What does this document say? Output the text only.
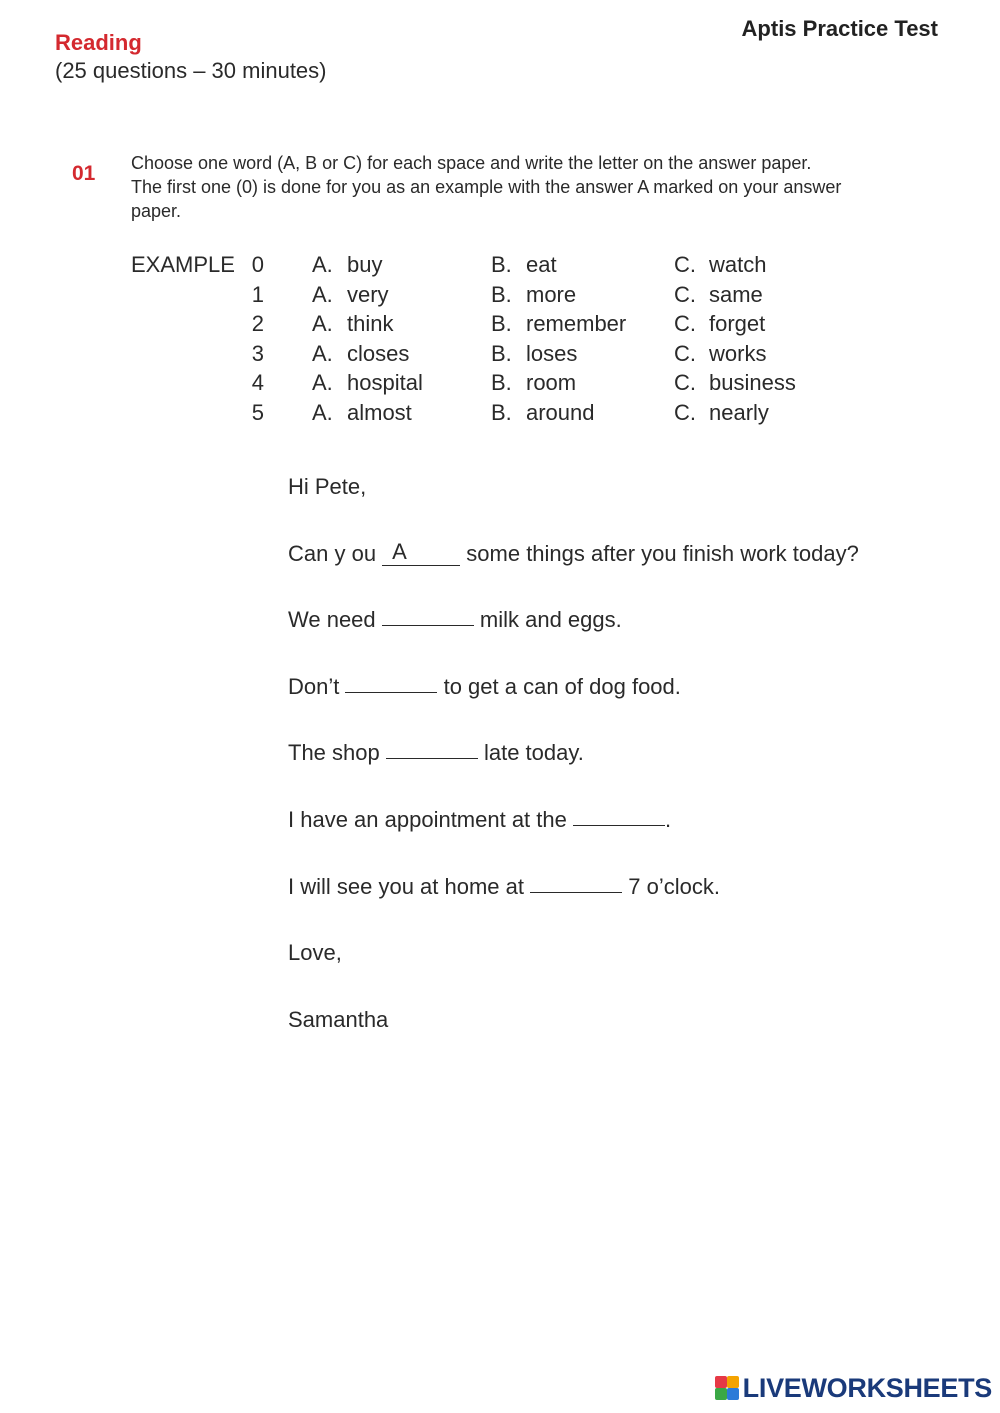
Aptis Practice Test
Reading
(25 questions – 30 minutes)
01 Choose one word (A, B or C) for each space and write the letter on the answer paper.
The first one (0) is done for you as an example with the answer A marked on your answer
paper.
EXAMPLE 0 A. buy	B. eat	C. watch
1 A. very	B. more	C. same
2 A. think	B. remember C. forget
3 A. closes	B. loses	C. works
4 A. hospital	B. room	C. business
5 A. almost	B. around	C. nearly
Hi Pete,
Can y ou A some things after you finish work today?
We need	milk and eggs.
Don’t	to get a can of dog food.
The shop	late today.
I have an appointment at the	.
I will see you at home at	7 o’clock.
Love,
Samantha
LIVEWORKSHEETS
